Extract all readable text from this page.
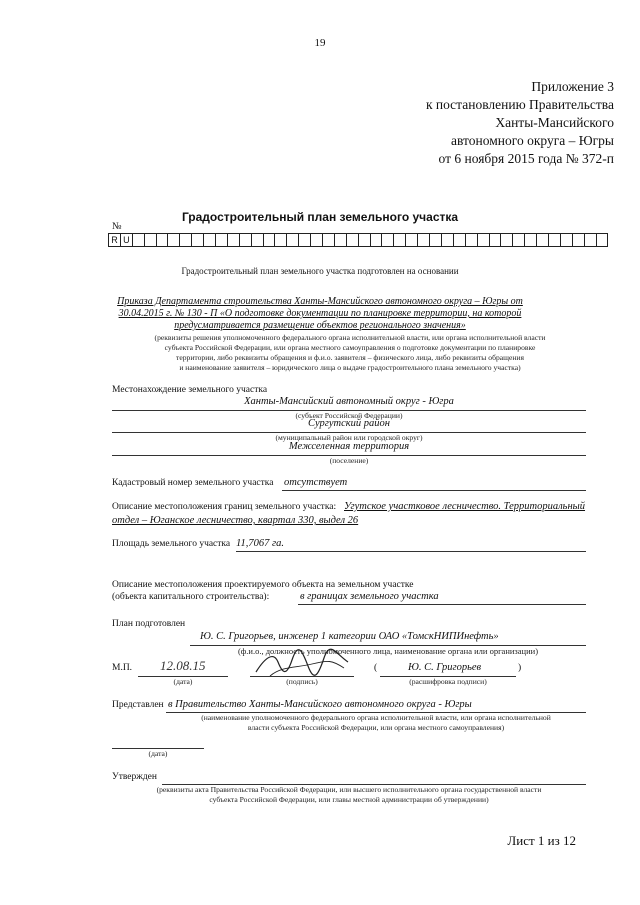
19
Приложение 3
к постановлению Правительства
Ханты-Мансийского
автономного округа – Югры
от 6 ноября 2015 года № 372-п
Градостроительный план земельного участка
№
R U
Градостроительный план земельного участка подготовлен на основании
Приказа Департамента строительства Ханты-Мансийского автономного округа – Югры от
30.04.2015 г. № 130 - П «О подготовке документации по планировке территории, на которой
предусматривается размещение объектов регионального значения»
(реквизиты решения уполномоченного федерального органа исполнительной власти, или органа исполнительной власти
субъекта Российской Федерации, или органа местного самоуправления о подготовке документации по планировке
территории, либо реквизиты обращения и ф.и.о. заявителя – физического лица, либо реквизиты обращения
и наименование заявителя – юридического лица о выдаче градостроительного плана земельного участка)
Местонахождение земельного участка
Ханты-Мансийский автономный округ - Югра
(субъект Российской Федерации)
Сургутский район
(муниципальный район или городской округ)
Межселенная территория
(поселение)
Кадастровый номер земельного участка отсутствует
Описание местоположения границ земельного участка: Угутское участковое лесничество. Территориальный
отдел – Юганское лесничество, квартал 330, выдел 26
Площадь земельного участка 11,7067 га.
Описание местоположения проектируемого объекта на земельном участке
(объекта капитального строительства):	в границах земельного участка
План подготовлен
Ю. С. Григорьев, инженер 1 категории ОАО «ТомскНИПИнефть»
(ф.и.о., должность уполномоченного лица, наименование органа или организации)
М.П. 12.08.15
(дата)	(подпись)
(	Ю. С. Григорьев	)
(расшифровка подписи)
Представлен в Правительство Ханты-Мансийского автономного округа - Югры
(наименование уполномоченного федерального органа исполнительной власти, или органа исполнительной
власти субъекта Российской Федерации, или органа местного самоуправления)
(дата)
Утвержден
(реквизиты акта Правительства Российской Федерации, или высшего исполнительного органа государственной власти
субъекта Российской Федерации, или главы местной администрации об утверждении)
Лист 1 из 12
